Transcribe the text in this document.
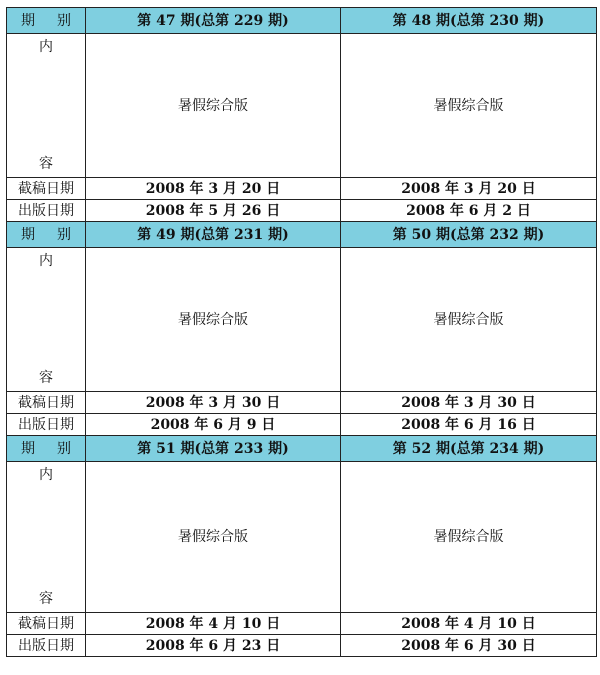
期 别	第 47 期(总第 229 期)	第 48 期(总第 230 期)

内
容	暑假综合版	暑假综合版
截稿日期	2008 年 3 月 20 日	2008 年 3 月 20 日
出版日期	2008 年 5 月 26 日	2008 年 6 月 2 日
期 别	第 49 期(总第 231 期)	第 50 期(总第 232 期)

内
容	暑假综合版	暑假综合版
截稿日期	2008 年 3 月 30 日	2008 年 3 月 30 日
出版日期	2008 年 6 月 9 日	2008 年 6 月 16 日
期 别	第 51 期(总第 233 期)	第 52 期(总第 234 期)

内
容	暑假综合版	暑假综合版
截稿日期	2008 年 4 月 10 日	2008 年 4 月 10 日
出版日期	2008 年 6 月 23 日	2008 年 6 月 30 日
